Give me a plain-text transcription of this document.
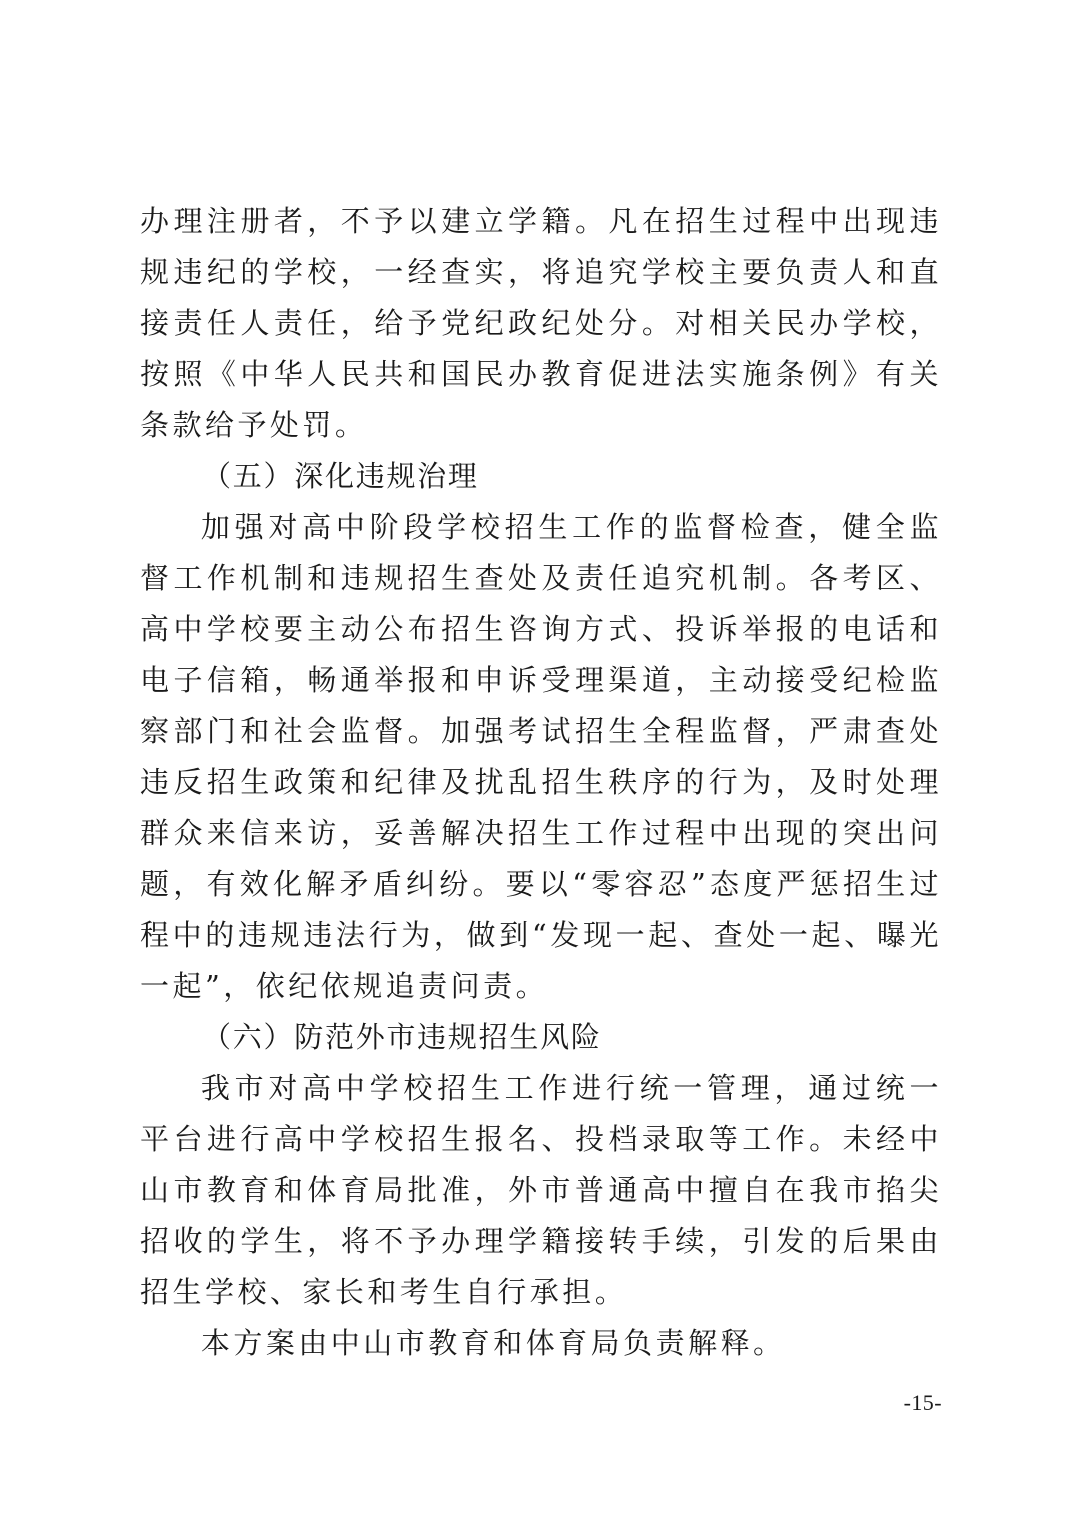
办理注册者，不予以建立学籍。凡在招生过程中出现违规违纪的学校，一经查实，将追究学校主要负责人和直接责任人责任，给予党纪政纪处分。对相关民办学校，按照《中华人民共和国民办教育促进法实施条例》有关条款给予处罚。

（五）深化违规治理

加强对高中阶段学校招生工作的监督检查，健全监督工作机制和违规招生查处及责任追究机制。各考区、高中学校要主动公布招生咨询方式、投诉举报的电话和电子信箱，畅通举报和申诉受理渠道，主动接受纪检监察部门和社会监督。加强考试招生全程监督，严肃查处违反招生政策和纪律及扰乱招生秩序的行为，及时处理群众来信来访，妥善解决招生工作过程中出现的突出问题，有效化解矛盾纠纷。要以“零容忍”态度严惩招生过程中的违规违法行为，做到“发现一起、查处一起、曝光一起”，依纪依规追责问责。

（六）防范外市违规招生风险

我市对高中学校招生工作进行统一管理，通过统一平台进行高中学校招生报名、投档录取等工作。未经中山市教育和体育局批准，外市普通高中擅自在我市掐尖招收的学生，将不予办理学籍接转手续，引发的后果由招生学校、家长和考生自行承担。

本方案由中山市教育和体育局负责解释。

-15-
